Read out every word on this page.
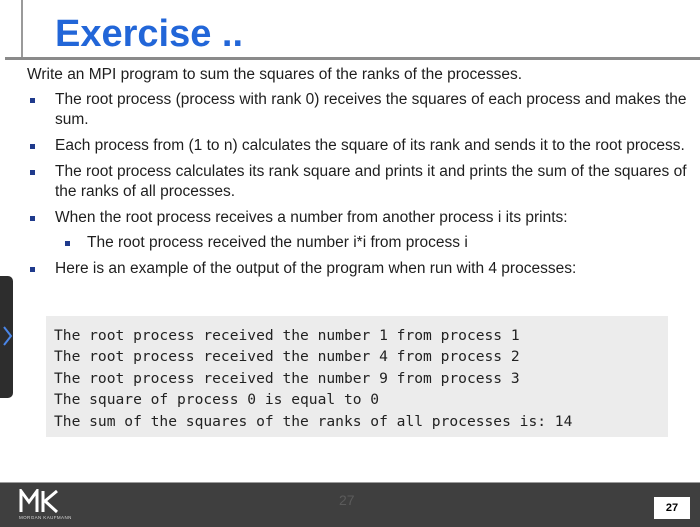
Exercise ..
Write an MPI program to sum the squares of the ranks of the processes.
The root process (process with rank 0) receives the squares of each process and makes the sum.
Each process from (1 to n) calculates the square of its rank and sends it to the root process.
The root process calculates its rank square and prints it and prints the sum of the squares of the ranks of all processes.
When the root process receives a number from another process i its prints:
The root process received the number i*i from process i
Here is an example of the output of the program when run with 4 processes:
The root process received the number 1 from process 1
The root process received the number 4 from process 2
The root process received the number 9 from process 3
The square of process 0 is equal to 0
The sum of the squares of the ranks of all processes is: 14
MORGAN KAUFMANN
27	27
